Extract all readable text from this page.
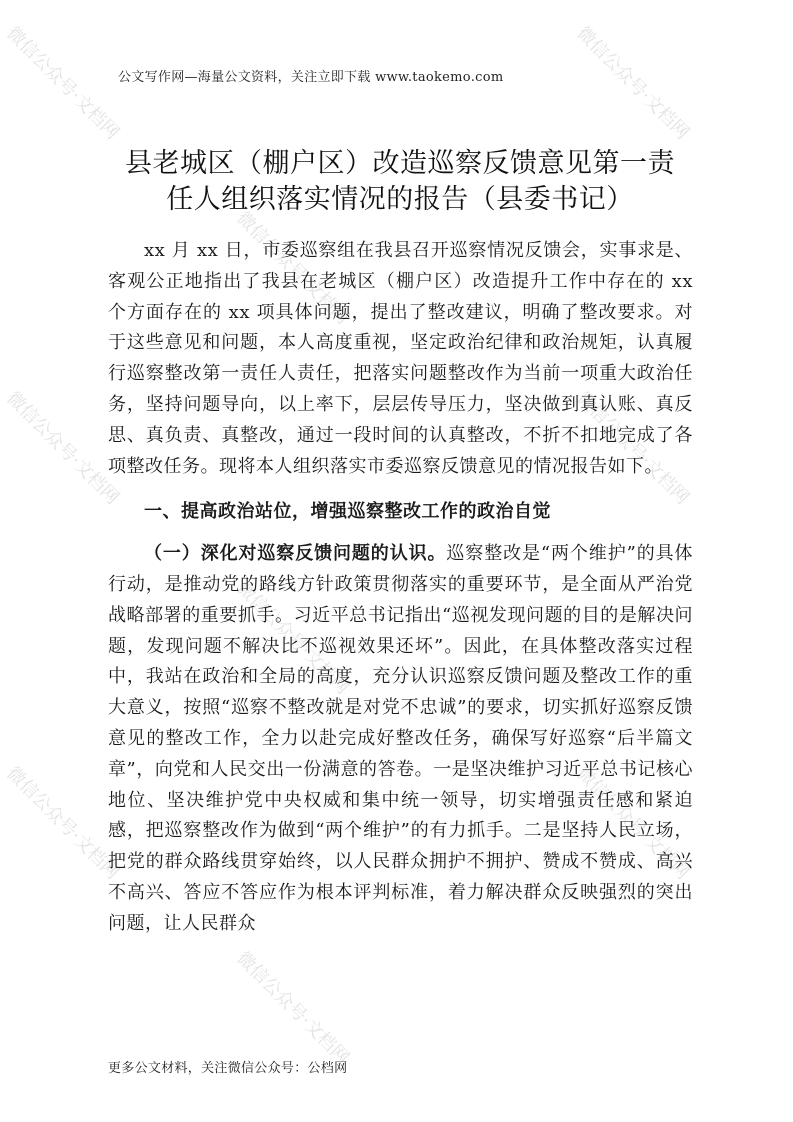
微信公众号·文档网	微信公众号·文档网
微信公众号·文档网
微信公众号·文档网	微信公众号·文档网
微信公众号·文档网
微信公众号·文档网	微信公众号·文档网
微信公众号·文档网
公文写作网—海量公文资料，关注立即下载 www.taokemo.com
县老城区（棚户区）改造巡察反馈意见第一责
任人组织落实情况的报告（县委书记）

xx 月 xx 日，市委巡察组在我县召开巡察情况反馈会，实事求是、客观公正地指出了我县在老城区（棚户区）改造提升工作中存在的 xx 个方面存在的 xx 项具体问题，提出了整改建议，明确了整改要求。对于这些意见和问题，本人高度重视，坚定政治纪律和政治规矩，认真履行巡察整改第一责任人责任，把落实问题整改作为当前一项重大政治任务，坚持问题导向，以上率下，层层传导压力，坚决做到真认账、真反思、真负责、真整改，通过一段时间的认真整改，不折不扣地完成了各项整改任务。现将本人组织落实市委巡察反馈意见的情况报告如下。

一、提高政治站位，增强巡察整改工作的政治自觉

（一）深化对巡察反馈问题的认识。巡察整改是“两个维护”的具体行动，是推动党的路线方针政策贯彻落实的重要环节，是全面从严治党战略部署的重要抓手。习近平总书记指出“巡视发现问题的目的是解决问题，发现问题不解决比不巡视效果还坏”。因此，在具体整改落实过程中，我站在政治和全局的高度，充分认识巡察反馈问题及整改工作的重大意义，按照“巡察不整改就是对党不忠诚”的要求，切实抓好巡察反馈意见的整改工作，全力以赴完成好整改任务，确保写好巡察“后半篇文章”，向党和人民交出一份满意的答卷。一是坚决维护习近平总书记核心地位、坚决维护党中央权威和集中统一领导，切实增强责任感和紧迫感，把巡察整改作为做到“两个维护”的有力抓手。二是坚持人民立场，把党的群众路线贯穿始终，以人民群众拥护不拥护、赞成不赞成、高兴不高兴、答应不答应作为根本评判标准，着力解决群众反映强烈的突出问题，让人民群众

更多公文材料，关注微信公众号：公档网
